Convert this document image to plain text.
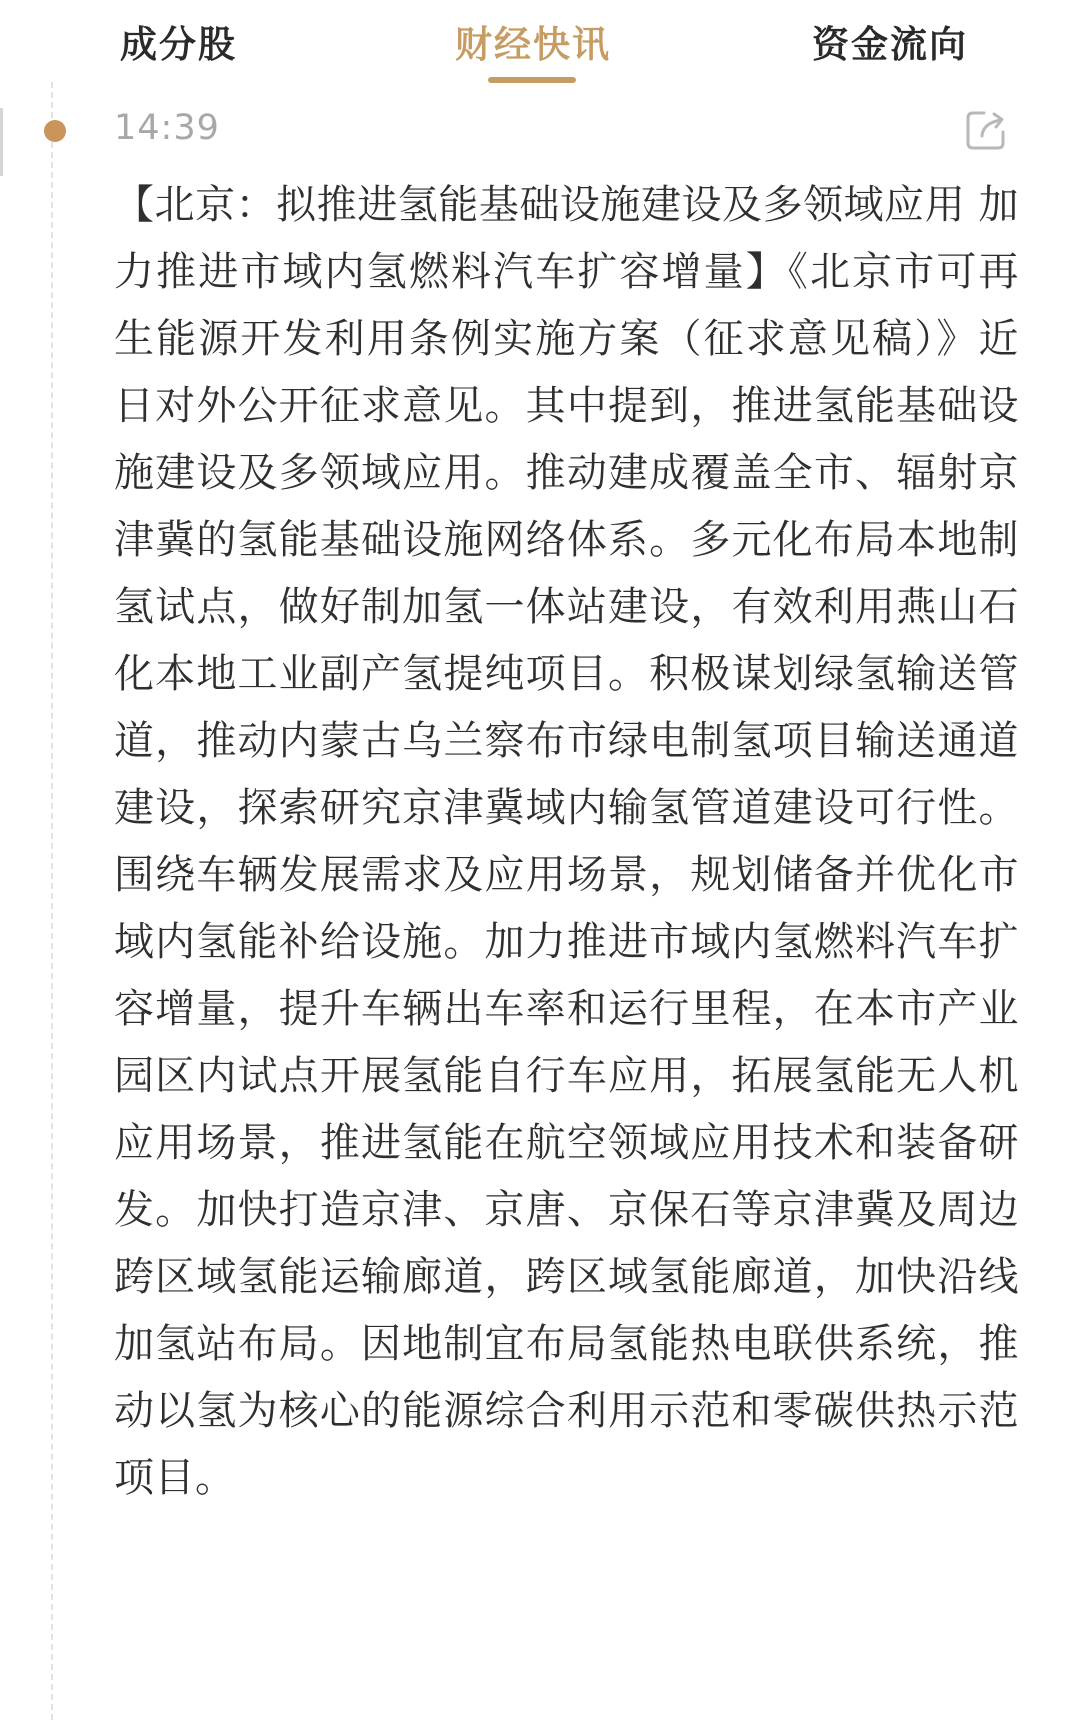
成分股	财经快讯	资金流向
14:39

【北京：拟推进氢能基础设施建设及多领域应用 加力推进市域内氢燃料汽车扩容增量】《北京市可再生能源开发利用条例实施方案（征求意见稿）》近日对外公开征求意见。其中提到，推进氢能基础设施建设及多领域应用。推动建成覆盖全市、辐射京津冀的氢能基础设施网络体系。多元化布局本地制氢试点，做好制加氢一体站建设，有效利用燕山石化本地工业副产氢提纯项目。积极谋划绿氢输送管道，推动内蒙古乌兰察布市绿电制氢项目输送通道建设，探索研究京津冀域内输氢管道建设可行性。围绕车辆发展需求及应用场景，规划储备并优化市域内氢能补给设施。加力推进市域内氢燃料汽车扩容增量，提升车辆出车率和运行里程，在本市产业园区内试点开展氢能自行车应用，拓展氢能无人机应用场景，推进氢能在航空领域应用技术和装备研发。加快打造京津、京唐、京保石等京津冀及周边跨区域氢能运输廊道，跨区域氢能廊道，加快沿线加氢站布局。因地制宜布局氢能热电联供系统，推动以氢为核心的能源综合利用示范和零碳供热示范项目。
